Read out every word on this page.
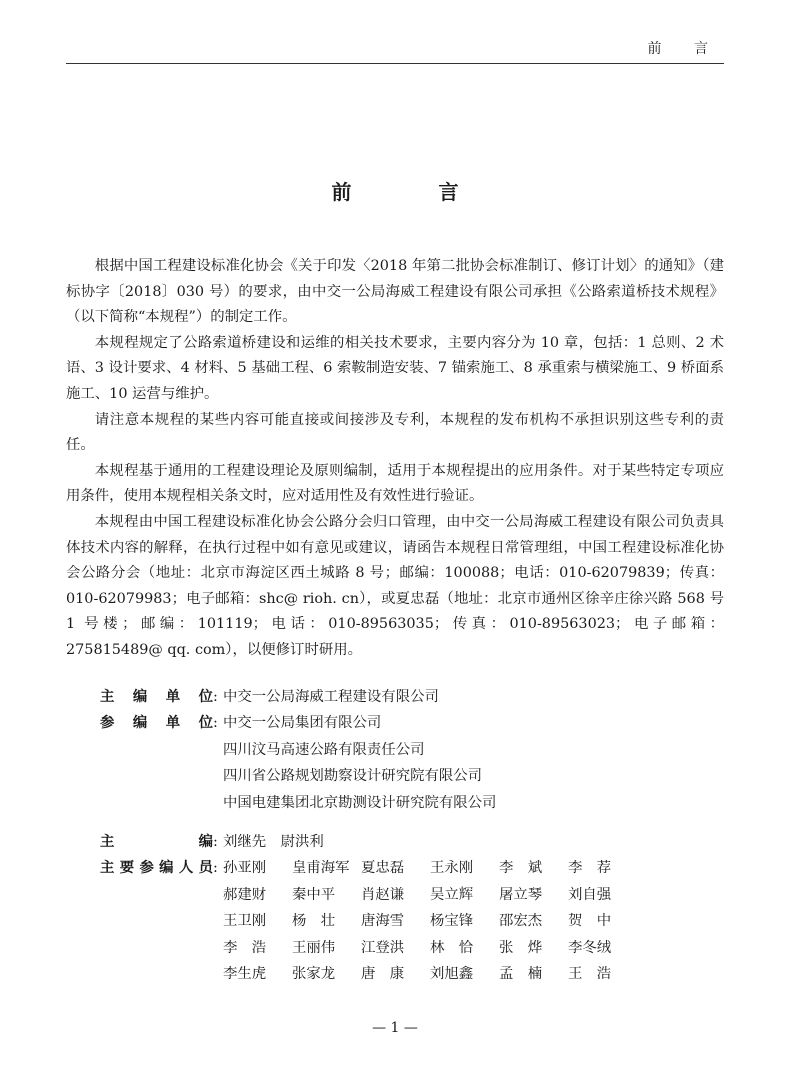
前 言
前 言

根据中国工程建设标准化协会《关于印发〈2018 年第二批协会标准制订、修订计划〉的通知》（建标协字〔2018〕030 号）的要求，由中交一公局海威工程建设有限公司承担《公路索道桥技术规程》（以下简称“本规程”）的制定工作。

本规程规定了公路索道桥建设和运维的相关技术要求，主要内容分为 10 章，包括：1 总则、2 术语、3 设计要求、4 材料、5 基础工程、6 索鞍制造安装、7 锚索施工、8 承重索与横梁施工、9 桥面系施工、10 运营与维护。

请注意本规程的某些内容可能直接或间接涉及专利，本规程的发布机构不承担识别这些专利的责任。

本规程基于通用的工程建设理论及原则编制，适用于本规程提出的应用条件。对于某些特定专项应用条件，使用本规程相关条文时，应对适用性及有效性进行验证。

本规程由中国工程建设标准化协会公路分会归口管理，由中交一公局海威工程建设有限公司负责具体技术内容的解释，在执行过程中如有意见或建议，请函告本规程日常管理组，中国工程建设标准化协会公路分会（地址：北京市海淀区西土城路 8 号；邮编：100088；电话：010-62079839；传真：010-62079983；电子邮箱：shc@ rioh. cn），或夏忠磊（地址：北京市通州区徐辛庄徐兴路 568 号 1 号楼；邮编：101119；电话：010-89563035；传真：010-89563023；电子邮箱：275815489@ qq. com），以便修订时研用。

主编单位 : 中交一公局海威工程建设有限公司
参编单位 : 中交一公局集团有限公司
四川汶马高速公路有限责任公司
四川省公路规划勘察设计研究院有限公司
中国电建集团北京勘测设计研究院有限公司
主编 : 刘继先　尉洪利
主要参编人员 : 孙亚刚	皇甫海军 夏忠磊	王永刚	李　斌	李　荐
郝建财	秦中平	肖赵谦	吴立辉	屠立琴	刘自强
王卫刚	杨　壮	唐海雪	杨宝锋	邵宏杰	贺　中
李　浩	王丽伟	江登洪	林　恰	张　烨	李冬绒
李生虎	张家龙	唐　康	刘旭鑫	孟　楠	王　浩
— 1 —
